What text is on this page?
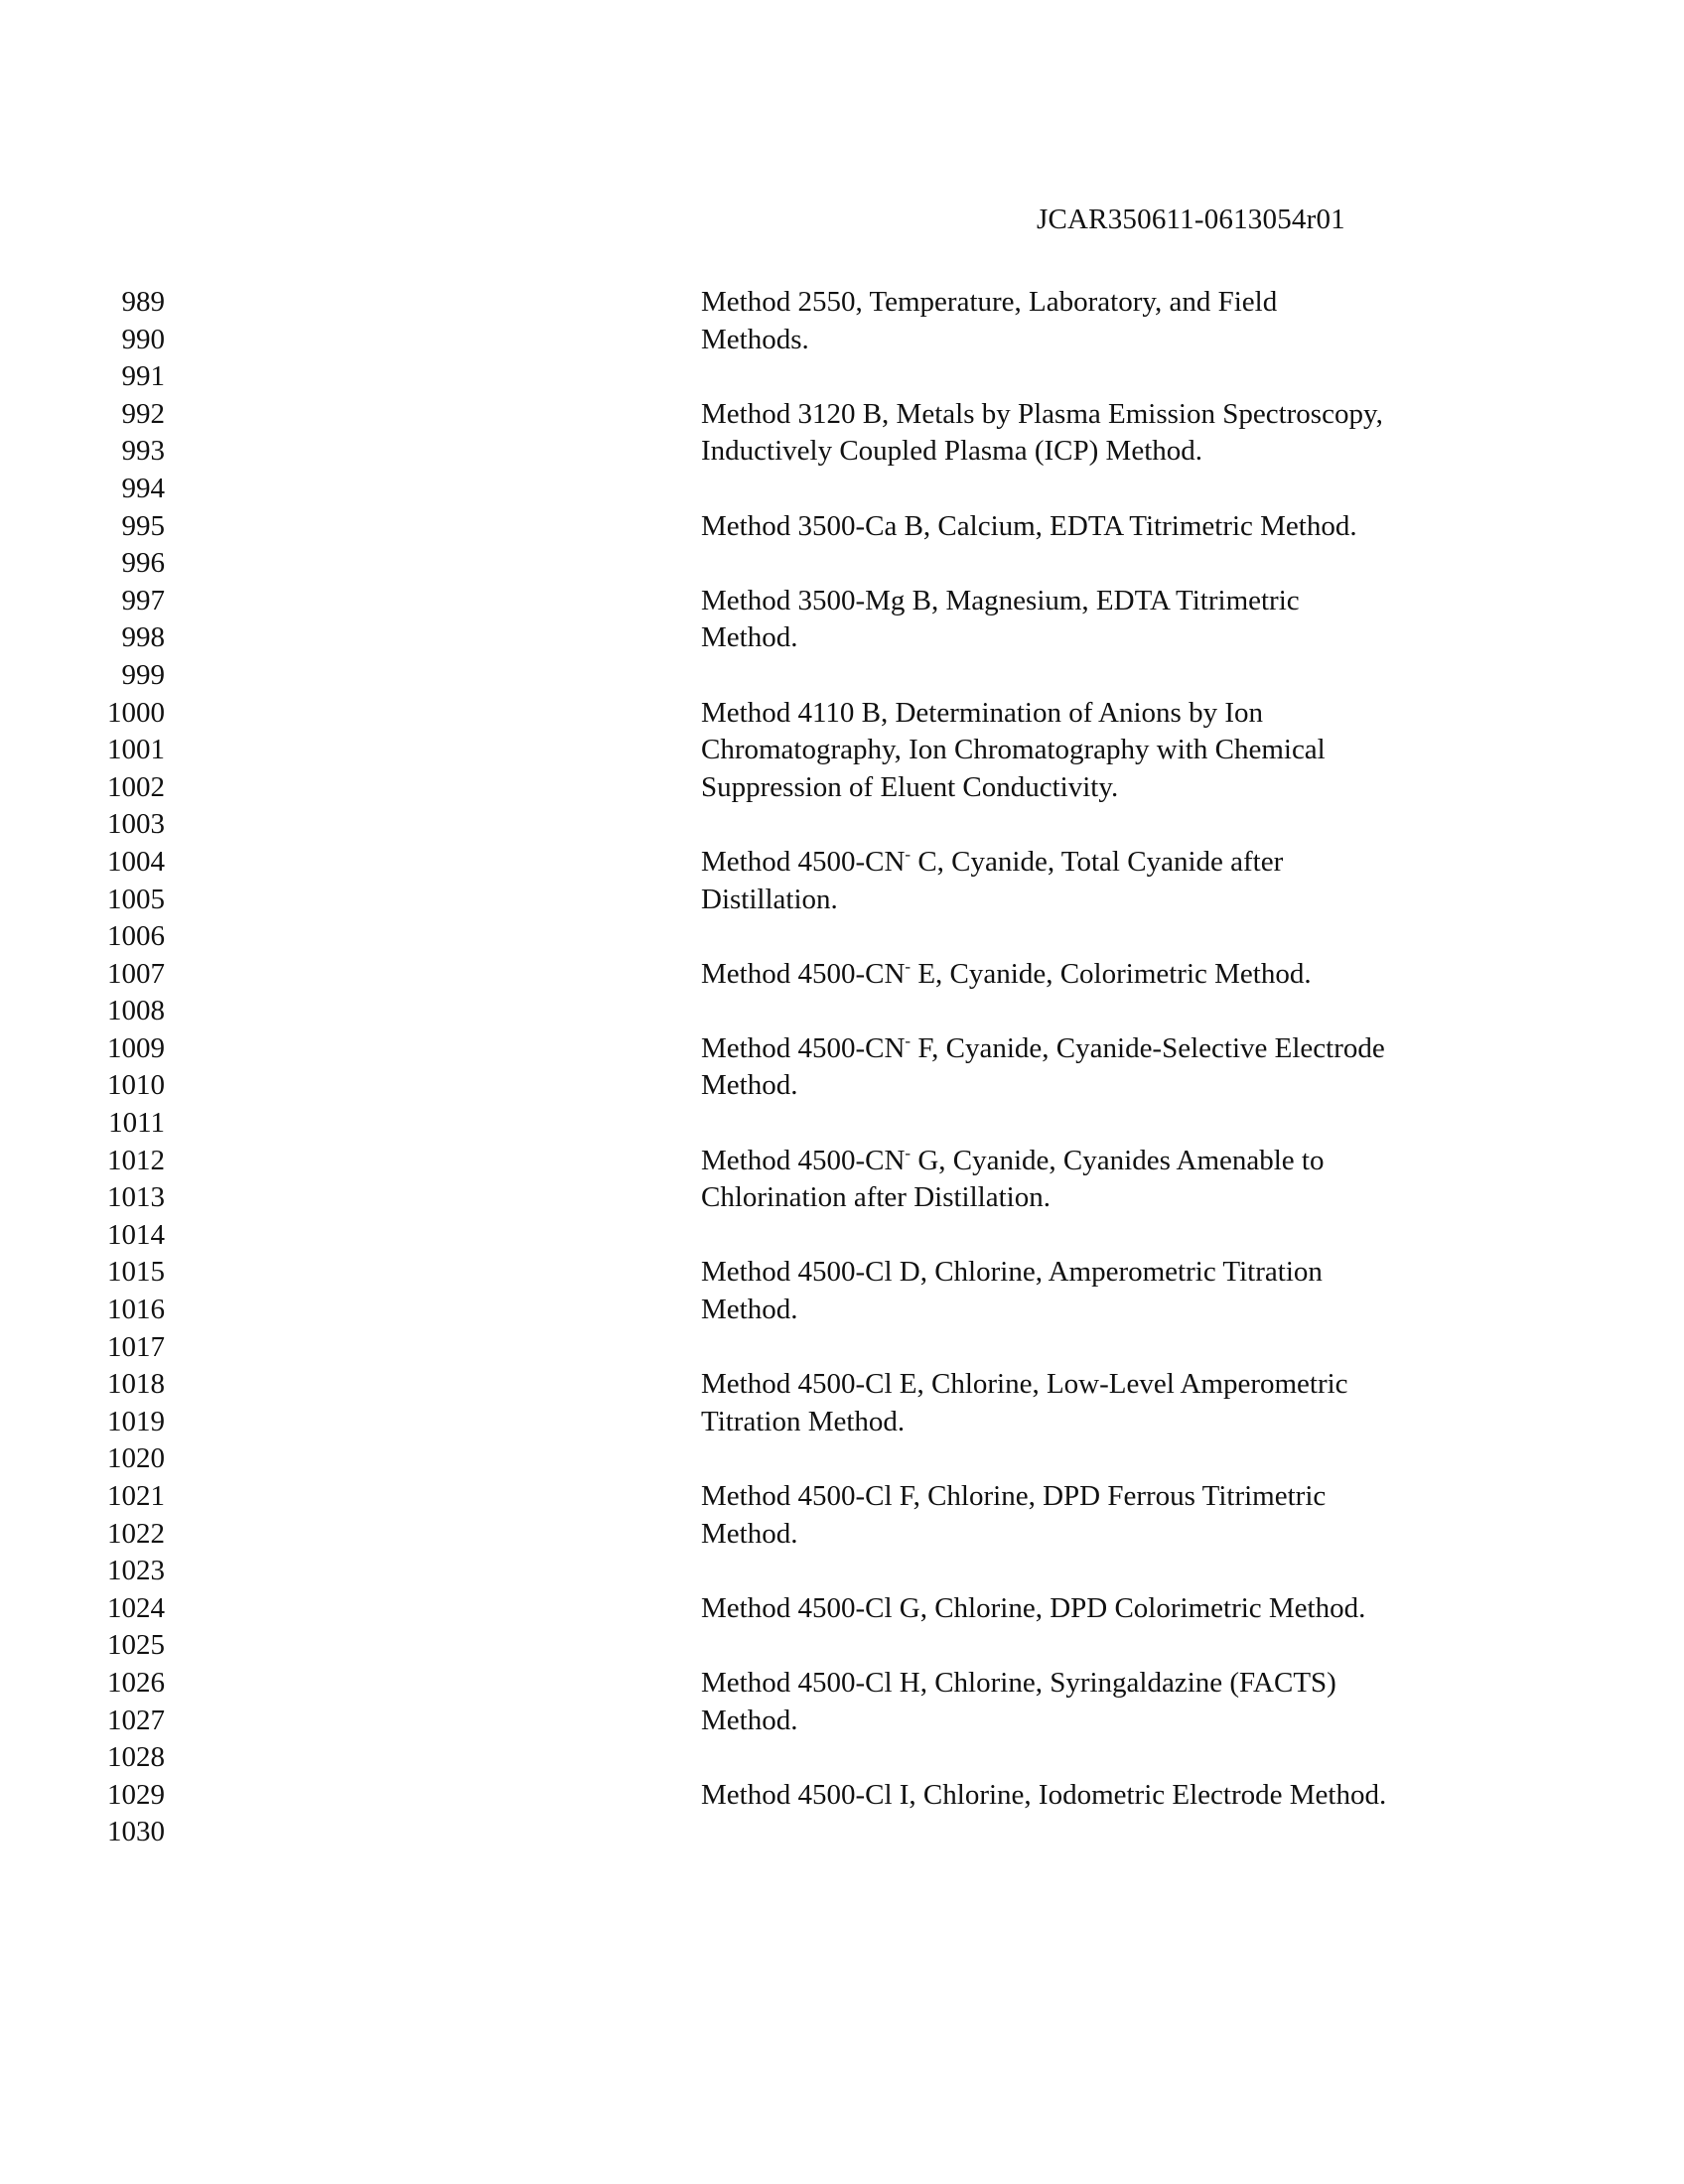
JCAR350611-0613054r01
989
990
991
992
993
994
995
996
997
998
999
1000
1001
1002
1003
1004
1005
1006
1007
1008
1009
1010
1011
1012
1013
1014
1015
1016
1017
1018
1019
1020
1021
1022
1023
1024
1025
1026
1027
1028
1029
1030
Method 2550, Temperature, Laboratory, and Field
Methods.
Method 3120 B, Metals by Plasma Emission Spectroscopy,
Inductively Coupled Plasma (ICP) Method.
Method 3500-Ca B, Calcium, EDTA Titrimetric Method.
Method 3500-Mg B, Magnesium, EDTA Titrimetric
Method.
Method 4110 B, Determination of Anions by Ion
Chromatography, Ion Chromatography with Chemical
Suppression of Eluent Conductivity.
Method 4500-CN- C, Cyanide, Total Cyanide after
Distillation.
Method 4500-CN- E, Cyanide, Colorimetric Method.
Method 4500-CN- F, Cyanide, Cyanide-Selective Electrode
Method.
Method 4500-CN- G, Cyanide, Cyanides Amenable to
Chlorination after Distillation.
Method 4500-Cl D, Chlorine, Amperometric Titration
Method.
Method 4500-Cl E, Chlorine, Low-Level Amperometric
Titration Method.
Method 4500-Cl F, Chlorine, DPD Ferrous Titrimetric
Method.
Method 4500-Cl G, Chlorine, DPD Colorimetric Method.
Method 4500-Cl H, Chlorine, Syringaldazine (FACTS)
Method.
Method 4500-Cl I, Chlorine, Iodometric Electrode Method.
